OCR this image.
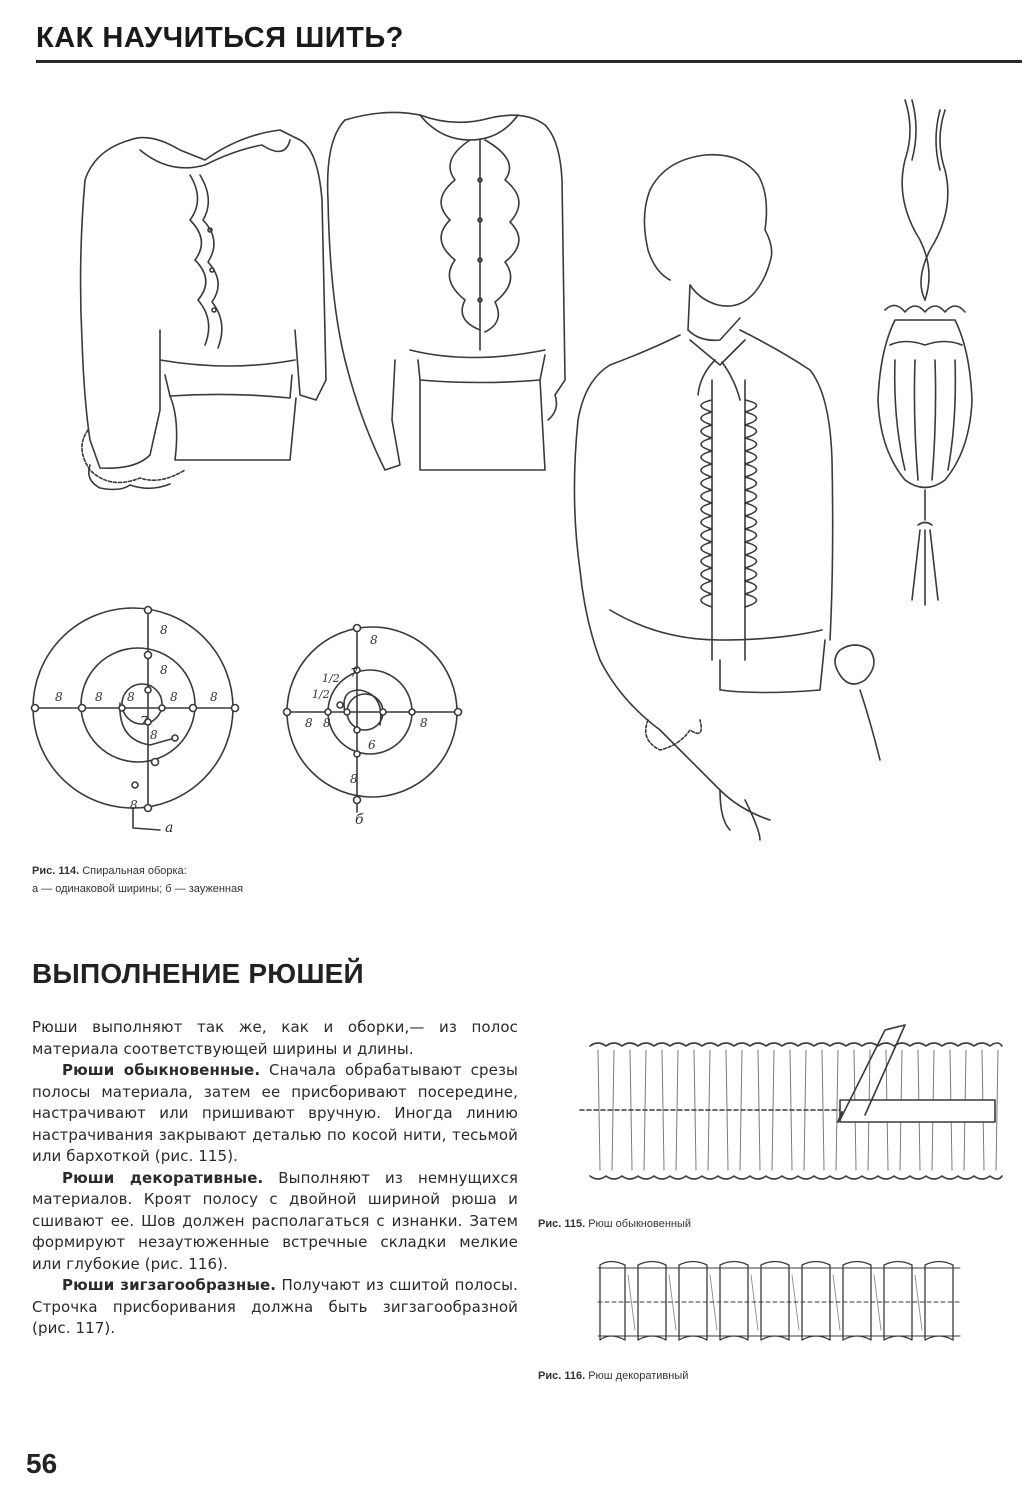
КАК НАУЧИТЬСЯ ШИТЬ?
8
8
8	8	8	8
8
7
8
8
а
8
7
1/2
1/2
8 8	8
6
8
б
Рис. 114. Спиральная оборка:
а — одинаковой ширины; б — зауженная
ВЫПОЛНЕНИЕ РЮШЕЙ

Рюши выполняют так же, как и оборки,— из полос материала соответствующей ширины и длины.

Рюши обыкновенные. Сначала обрабатывают срезы полосы материала, затем ее присборивают посередине, настрачивают или пришивают вручную. Иногда линию настрачивания закрывают деталью по косой нити, тесьмой или бархоткой (рис. 115).

Рюши декоративные. Выполняют из немнущихся материалов. Кроят полосу с двойной шириной рюша и сшивают ее. Шов должен располагаться с изнанки. Затем формируют незаутюженные встречные складки мелкие или глубокие (рис. 116).

Рюши зигзагообразные. Получают из сшитой полосы. Строчка присборивания должна быть зигзагообразной (рис. 117).

Рис. 115. Рюш обыкновенный
Рис. 116. Рюш декоративный
56
